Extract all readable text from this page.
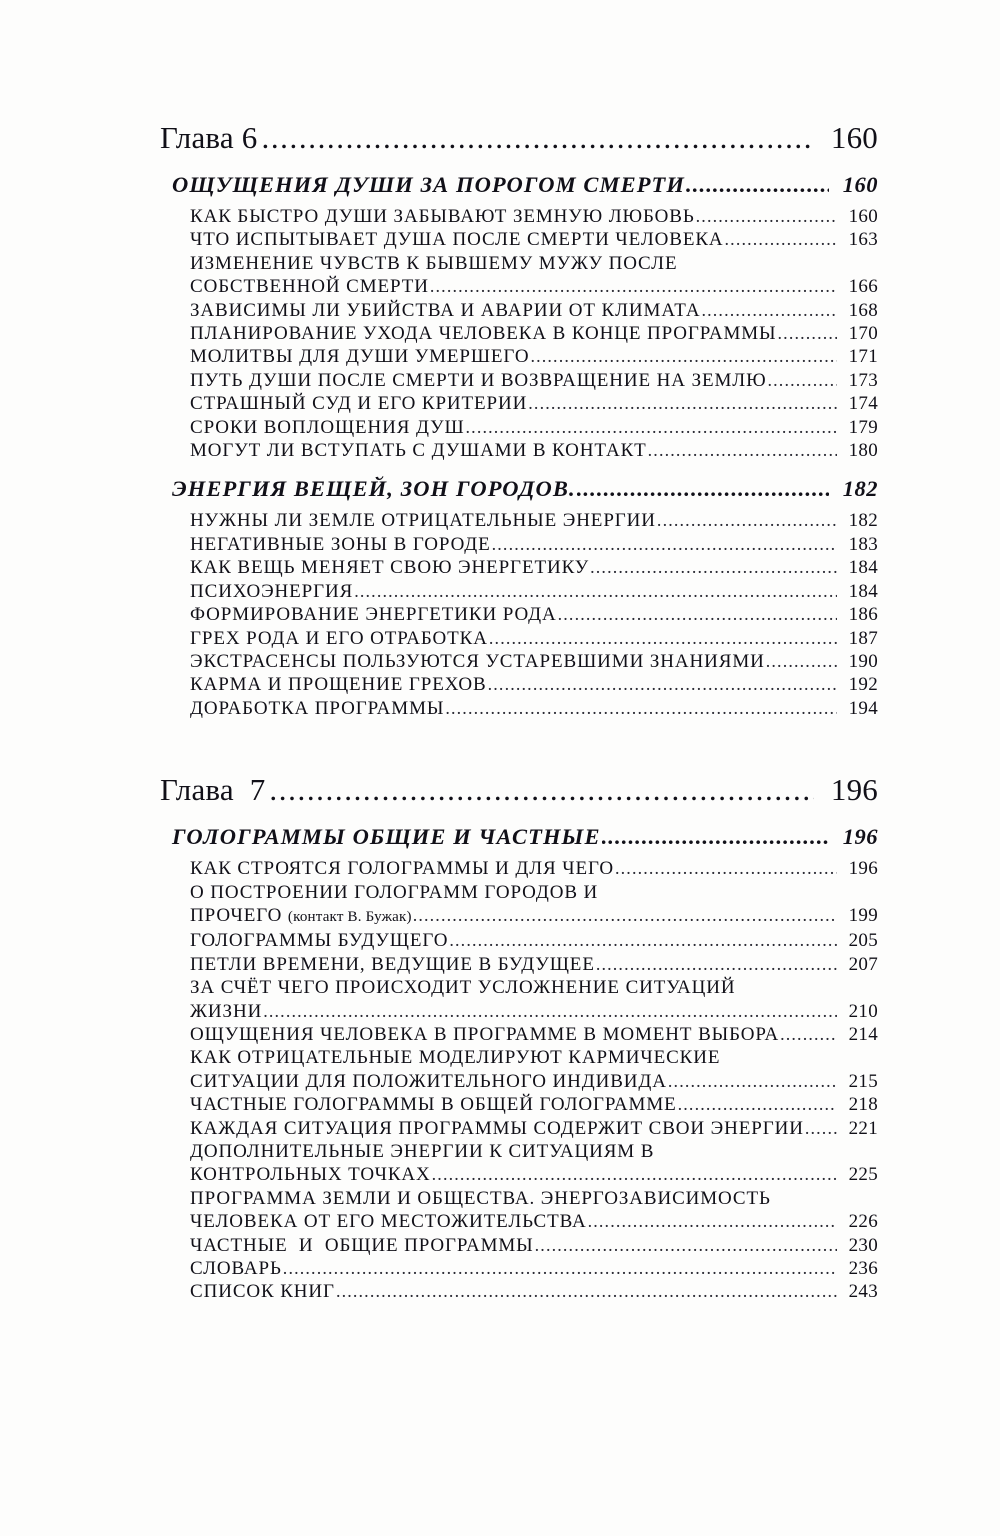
Глава 6 .....	160
ОЩУЩЕНИЯ ДУШИ ЗА ПОРОГОМ СМЕРТИ .....	160
КАК БЫСТРО ДУШИ ЗАБЫВАЮТ ЗЕМНУЮ ЛЮБОВЬ .....	160
ЧТО ИСПЫТЫВАЕТ ДУША ПОСЛЕ СМЕРТИ ЧЕЛОВЕКА .....	163
ИЗМЕНЕНИЕ ЧУВСТВ К БЫВШЕМУ МУЖУ ПОСЛЕ
СОБСТВЕННОЙ СМЕРТИ .....	166
ЗАВИСИМЫ ЛИ УБИЙСТВА И АВАРИИ ОТ КЛИМАТА .....	168
ПЛАНИРОВАНИЕ УХОДА ЧЕЛОВЕКА В КОНЦЕ ПРОГРАММЫ .....	170
МОЛИТВЫ ДЛЯ ДУШИ УМЕРШЕГО .....	171
ПУТЬ ДУШИ ПОСЛЕ СМЕРТИ И ВОЗВРАЩЕНИЕ НА ЗЕМЛЮ .....	173
СТРАШНЫЙ СУД И ЕГО КРИТЕРИИ .....	174
СРОКИ ВОПЛОЩЕНИЯ ДУШ .....	179
МОГУТ ЛИ ВСТУПАТЬ С ДУШАМИ В КОНТАКТ .....	180
ЭНЕРГИЯ ВЕЩЕЙ, ЗОН ГОРОДОВ. .....	182
НУЖНЫ ЛИ ЗЕМЛЕ ОТРИЦАТЕЛЬНЫЕ ЭНЕРГИИ .....	182
НЕГАТИВНЫЕ ЗОНЫ В ГОРОДЕ .....	183
КАК ВЕЩЬ МЕНЯЕТ СВОЮ ЭНЕРГЕТИКУ .....	184
ПСИХОЭНЕРГИЯ .....	184
ФОРМИРОВАНИЕ ЭНЕРГЕТИКИ РОДА .....	186
ГРЕХ РОДА И ЕГО ОТРАБОТКА .....	187
ЭКСТРАСЕНСЫ ПОЛЬЗУЮТСЯ УСТАРЕВШИМИ ЗНАНИЯМИ .....	190
КАРМА И ПРОЩЕНИЕ ГРЕХОВ .....	192
ДОРАБОТКА ПРОГРАММЫ .....	194
Глава  7 .....	196
ГОЛОГРАММЫ ОБЩИЕ И ЧАСТНЫЕ .....	196
КАК СТРОЯТСЯ ГОЛОГРАММЫ И ДЛЯ ЧЕГО .....	196
О ПОСТРОЕНИИ ГОЛОГРАММ ГОРОДОВ И
ПРОЧЕГО (контакт В. Бужак) .....	199
ГОЛОГРАММЫ БУДУЩЕГО .....	205
ПЕТЛИ ВРЕМЕНИ, ВЕДУЩИЕ В БУДУЩЕЕ .....	207
ЗА СЧЁТ ЧЕГО ПРОИСХОДИТ УСЛОЖНЕНИЕ СИТУАЦИЙ
ЖИЗНИ .....	210
ОЩУЩЕНИЯ ЧЕЛОВЕКА В ПРОГРАММЕ В МОМЕНТ ВЫБОРА .....	214
КАК ОТРИЦАТЕЛЬНЫЕ МОДЕЛИРУЮТ КАРМИЧЕСКИЕ
СИТУАЦИИ ДЛЯ ПОЛОЖИТЕЛЬНОГО ИНДИВИДА .....	215
ЧАСТНЫЕ ГОЛОГРАММЫ В ОБЩЕЙ ГОЛОГРАММЕ .....	218
КАЖДАЯ СИТУАЦИЯ ПРОГРАММЫ СОДЕРЖИТ СВОИ ЭНЕРГИИ .....	221
ДОПОЛНИТЕЛЬНЫЕ ЭНЕРГИИ К СИТУАЦИЯМ В
КОНТРОЛЬНЫХ ТОЧКАХ .....	225
ПРОГРАММА ЗЕМЛИ И ОБЩЕСТВА. ЭНЕРГОЗАВИСИМОСТЬ
ЧЕЛОВЕКА ОТ ЕГО МЕСТОЖИТЕЛЬСТВА .....	226
ЧАСТНЫЕ  И  ОБЩИЕ ПРОГРАММЫ .....	230
СЛОВАРЬ .....	236
СПИСОК КНИГ .....	243
